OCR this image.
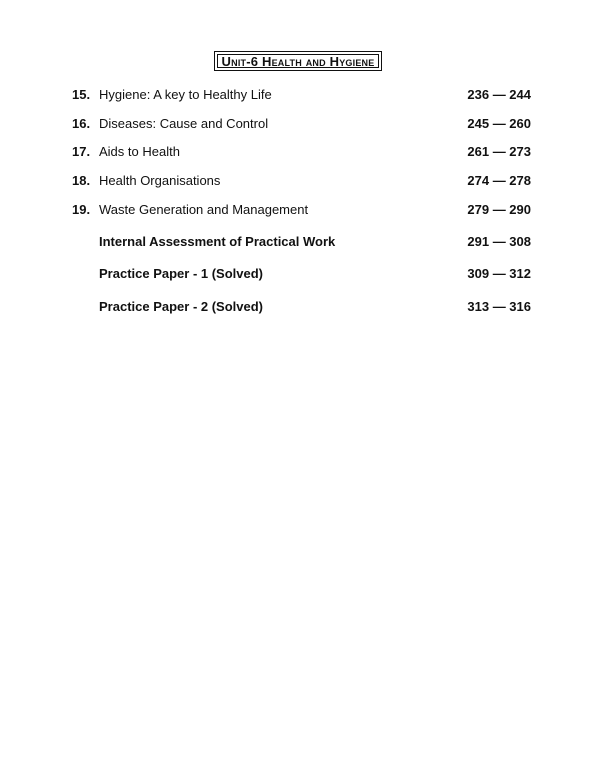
Unit-6 Health and Hygiene
15. Hygiene: A key to Healthy Life	236 — 244
16. Diseases: Cause and Control	245 — 260
17. Aids to Health	261 — 273
18. Health Organisations	274 — 278
19. Waste Generation and Management	279 — 290
Internal Assessment of Practical Work	291 — 308
Practice Paper - 1 (Solved)	309 — 312
Practice Paper - 2 (Solved)	313 — 316
